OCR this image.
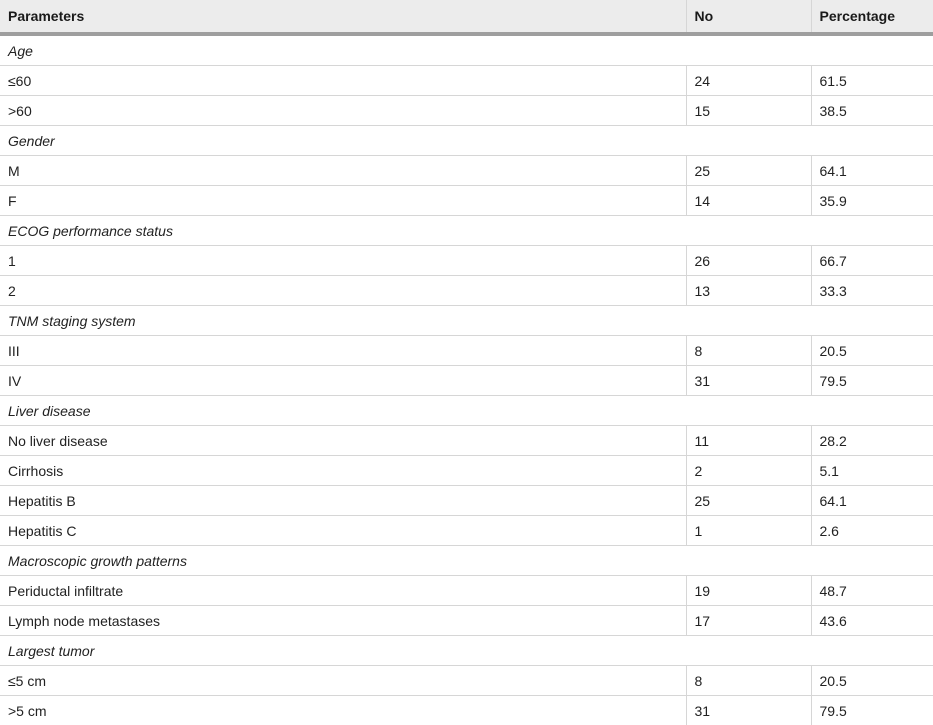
Parameters	No	Percentage
Age		
≤60	24	61.5
>60	15	38.5
Gender		
M	25	64.1
F	14	35.9
ECOG performance status		
1	26	66.7
2	13	33.3
TNM staging system		
III	8	20.5
IV	31	79.5
Liver disease		
No liver disease	11	28.2
Cirrhosis	2	5.1
Hepatitis B	25	64.1
Hepatitis C	1	2.6
Macroscopic growth patterns		
Periductal infiltrate	19	48.7
Lymph node metastases	17	43.6
Largest tumor		
≤5 cm	8	20.5
>5 cm	31	79.5
